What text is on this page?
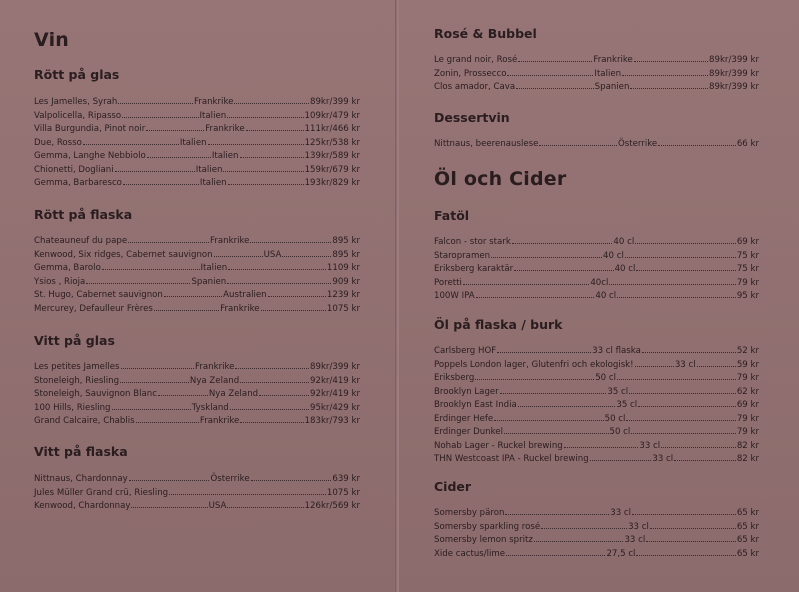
Vin
Rött på glas
Les Jamelles, Syrah	Frankrike	89kr/399 kr
Valpolicella, Ripasso	Italien	109kr/479 kr
Villa Burgundia, Pinot noir	Frankrike	111kr/466 kr
Due, Rosso	Italien	125kr/538 kr
Gemma, Langhe Nebbiolo	Italien	139kr/589 kr
Chionetti, Dogliani	Italien	159kr/679 kr
Gemma, Barbaresco	Italien	193kr/829 kr
Rött på flaska
Chateauneuf du pape	Frankrike	895 kr
Kenwood, Six ridges, Cabernet sauvignon	USA	895 kr
Gemma, Barolo	Italien	1109 kr
Ysios , Rioja	Spanien	909 kr
St. Hugo, Cabernet sauvignon	Australien	1239 kr
Mercurey, Defaulleur Frères	Frankrike	1075 kr
Vitt på glas
Les petites Jamelles	Frankrike	89kr/399 kr
Stoneleigh, Riesling	Nya Zeland	92kr/419 kr
Stoneleigh, Sauvignon Blanc	Nya Zeland	92kr/419 kr
100 Hills, Riesling	Tyskland	95kr/429 kr
Grand Calcaire, Chablis	Frankrike	183kr/793 kr
Vitt på flaska
Nittnaus, Chardonnay	Österrike	639 kr
Jules Müller Grand crü, Riesling	1075 kr
Kenwood, Chardonnay	USA	126kr/569 kr
Rosé & Bubbel
Le grand noir, Rosé	Frankrike	89kr/399 kr
Zonin, Prossecco	Italien	89kr/399 kr
Clos amador, Cava	Spanien	89kr/399 kr
Dessertvin
Nittnaus, beerenauslese	Österrike	66 kr
Öl och Cider
Fatöl
Falcon - stor stark	40 cl	69 kr
Staropramen	40 cl	75 kr
Eriksberg karaktär	40 cl	75 kr
Poretti	40cl	79 kr
100W IPA	40 cl	95 kr
Öl på flaska / burk
Carlsberg HOF	33 cl flaska	52 kr
Poppels London lager, Glutenfri och ekologisk!	33 cl	59 kr
Eriksberg	50 cl	79 kr
Brooklyn Lager	35 cl	62 kr
Brooklyn East India	35 cl	69 kr
Erdinger Hefe	50 cl	79 kr
Erdinger Dunkel	50 cl	79 kr
Nohab Lager - Ruckel brewing	33 cl	82 kr
THN Westcoast IPA - Ruckel brewing	33 cl	82 kr
Cider
Somersby päron	33 cl	65 kr
Somersby sparkling rosé	33 cl	65 kr
Somersby lemon spritz	33 cl	65 kr
Xide cactus/lime	27,5 cl	65 kr
